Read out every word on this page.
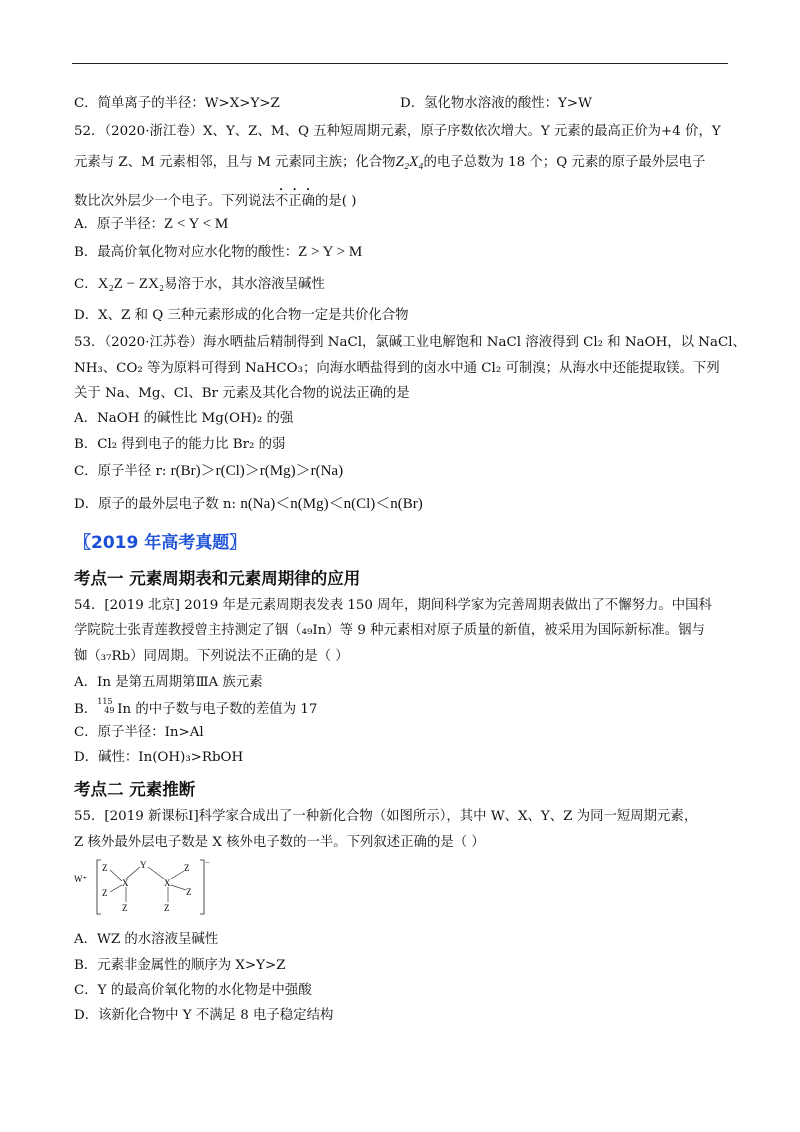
C．简单离子的半径：W>X>Y>Z	D．氢化物水溶液的酸性：Y>W
52．（2020·浙江卷）X、Y、Z、M、Q 五种短周期元素，原子序数依次增大。Y 元素的最高正价为+4 价，Y
元素与 Z、M 元素相邻，且与 M 元素同主族；化合物Z₂X₄的电子总数为 18 个；Q 元素的原子最外层电子
数比次外层少一个电子。下列说法不正确的是( )
A．原子半径：Z < Y < M
B．最高价氧化物对应水化物的酸性：Z > Y > M
C．X₂Z − ZX₂易溶于水，其水溶液呈碱性
D．X、Z 和 Q 三种元素形成的化合物一定是共价化合物
53．（2020·江苏卷）海水晒盐后精制得到 NaCl，氯碱工业电解饱和 NaCl 溶液得到 Cl₂ 和 NaOH，以 NaCl、
NH₃、CO₂ 等为原料可得到 NaHCO₃；向海水晒盐得到的卤水中通 Cl₂ 可制溴；从海水中还能提取镁。下列
关于 Na、Mg、Cl、Br 元素及其化合物的说法正确的是
A．NaOH 的碱性比 Mg(OH)₂ 的强
B．Cl₂ 得到电子的能力比 Br₂ 的弱
C．原子半径 r: r(Br)＞r(Cl)＞r(Mg)＞r(Na)
D．原子的最外层电子数 n: n(Na)＜n(Mg)＜n(Cl)＜n(Br)
〖2019 年高考真题〗
考点一 元素周期表和元素周期律的应用
54．[2019 北京] 2019 年是元素周期表发表 150 周年，期间科学家为完善周期表做出了不懈努力。中国科
学院院士张青莲教授曾主持测定了铟（₄₉In）等 9 种元素相对原子质量的新值，被采用为国际新标准。铟与
铷（₃₇Rb）同周期。下列说法不正确的是（ ）
A．In 是第五周期第ⅢA 族元素
B．
115
49 In 的中子数与电子数的差值为 17
C．原子半径：In>Al
D．碱性：In(OH)₃>RbOH
考点二 元素推断
55．[2019 新课标Ⅰ]科学家合成出了一种新化合物（如图所示），其中 W、X、Y、Z 为同一短周期元素，
Z 核外最外层电子数是 X 核外电子数的一半。下列叙述正确的是（ ）
W⁺
−
Z
Z
X
Z
Y
X
Z
Z
Z
A．WZ 的水溶液呈碱性
B．元素非金属性的顺序为 X>Y>Z
C．Y 的最高价氧化物的水化物是中强酸
D．该新化合物中 Y 不满足 8 电子稳定结构
